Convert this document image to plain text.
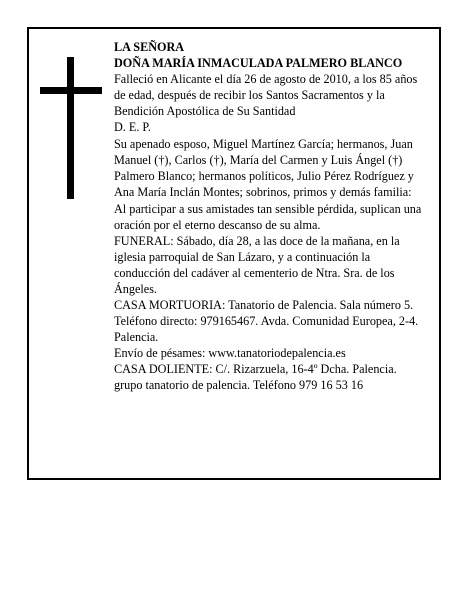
LA SEÑORA

DOÑA MARÍA INMACULADA PALMERO BLANCO

Falleció en Alicante el día 26 de agosto de 2010, a los 85 años de edad, después de recibir los Santos Sacramentos y la Bendición Apostólica de Su Santidad

D. E. P.

Su apenado esposo, Miguel Martínez García; hermanos, Juan Manuel (†), Carlos (†), María del Carmen y Luis Ángel (†) Palmero Blanco; hermanos políticos, Julio Pérez Rodríguez y Ana María Inclán Montes; sobrinos, primos y demás familia:

Al participar a sus amistades tan sensible pérdida, suplican una oración por el eterno descanso de su alma.

FUNERAL: Sábado, día 28, a las doce de la mañana, en la iglesia parroquial de San Lázaro, y a continuación la conducción del cadáver al cementerio de Ntra. Sra. de los Ángeles.

CASA MORTUORIA: Tanatorio de Palencia. Sala número 5. Teléfono directo: 979165467. Avda. Comunidad Europea, 2-4. Palencia.

Envío de pésames: www.tanatoriodepalencia.es

CASA DOLIENTE: C/. Rizarzuela, 16-4º Dcha. Palencia.

grupo tanatorio de palencia. Teléfono 979 16 53 16
